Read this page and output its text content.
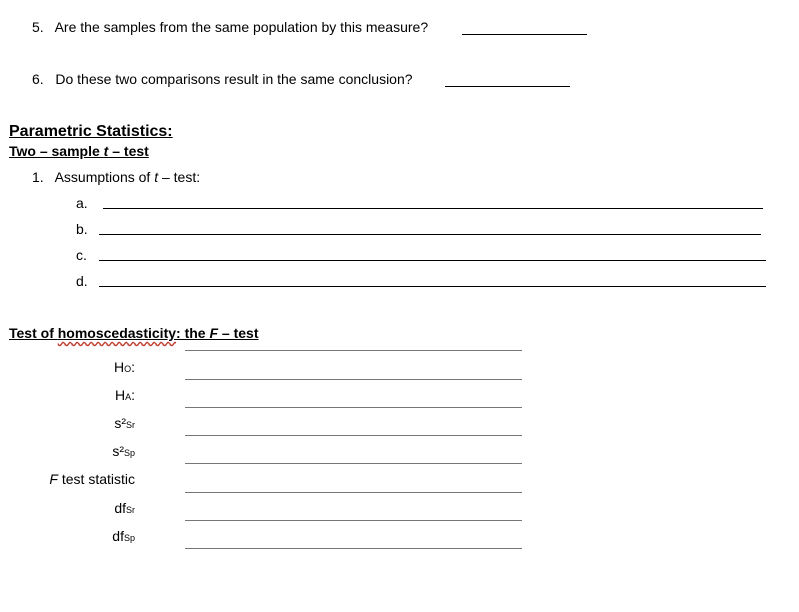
5. Are the samples from the same population by this measure?
6. Do these two comparisons result in the same conclusion?
Parametric Statistics:
Two – sample t – test
1. Assumptions of t – test:
a.
b.
c.
d.
Test of homoscedasticity: the F – test
HO:
HA:
s²Sr
s²Sp
F test statistic
dfSr
dfSp
